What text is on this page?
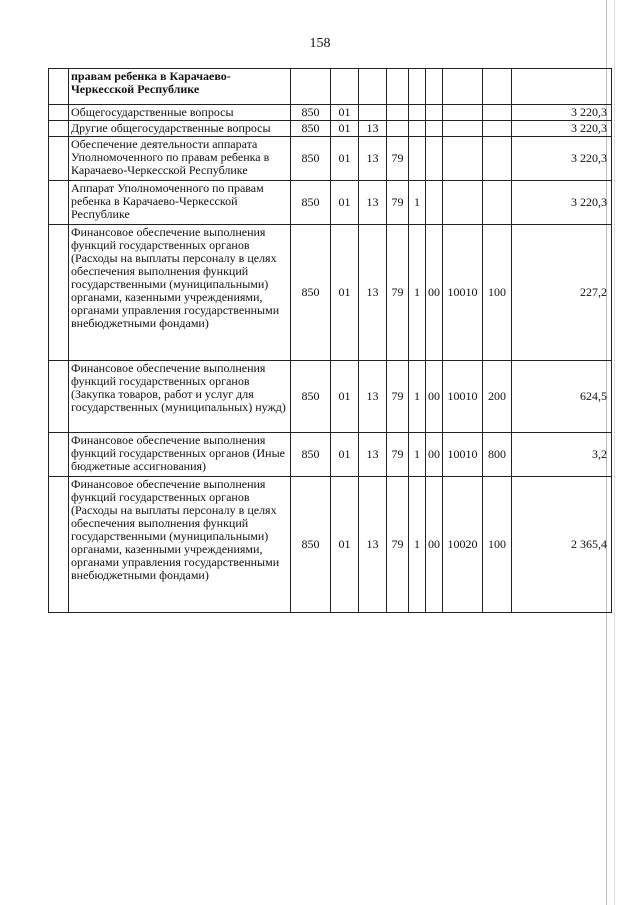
158
	правам ребенка в Карачаево-Черкесской Республике									
	Общегосударственные вопросы	850	01							3 220,3
	Другие общегосударственные вопросы	850	01	13						3 220,3
	Обеспечение деятельности аппарата Уполномоченного по правам ребенка в Карачаево-Черкесской Республике	850	01	13	79					3 220,3
	Аппарат Уполномоченного по правам ребенка в Карачаево-Черкесской Республике	850	01	13	79	1				3 220,3
	Финансовое обеспечение выполнения функций государственных органов (Расходы на выплаты персоналу в целях обеспечения выполнения функций государственными (муниципальными) органами, казенными учреждениями, органами управления государственными внебюджетными фондами)	850	01	13	79	1	00	10010	100	227,2
	Финансовое обеспечение выполнения функций государственных органов (Закупка товаров, работ и услуг для государственных (муниципальных) нужд)	850	01	13	79	1	00	10010	200	624,5
	Финансовое обеспечение выполнения функций государственных органов (Иные бюджетные ассигнования)	850	01	13	79	1	00	10010	800	3,2
	Финансовое обеспечение выполнения функций государственных органов (Расходы на выплаты персоналу в целях обеспечения выполнения функций государственными (муниципальными) органами, казенными учреждениями, органами управления государственными внебюджетными фондами)	850	01	13	79	1	00	10020	100	2 365,4
